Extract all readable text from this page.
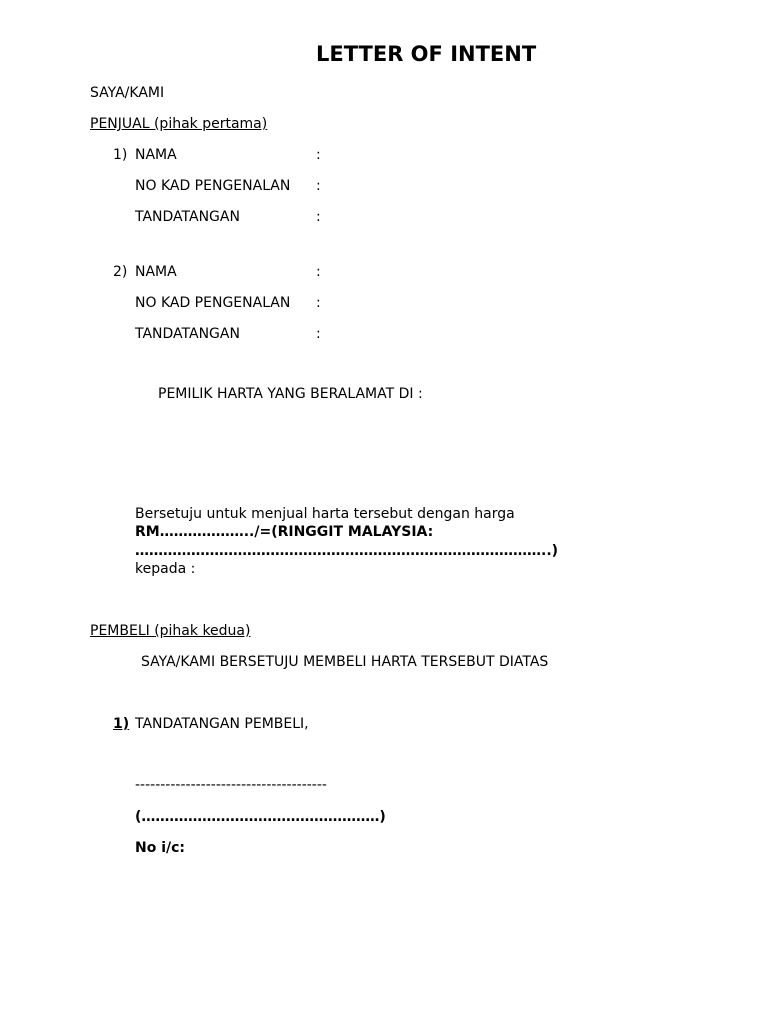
LETTER OF INTENT
SAYA/KAMI
PENJUAL (pihak pertama)
1) NAMA	:
NO KAD PENGENALAN :
TANDATANGAN	:
2) NAMA	:
NO KAD PENGENALAN :
TANDATANGAN	:
PEMILIK HARTA YANG BERALAMAT DI :
Bersetuju untuk menjual harta tersebut dengan harga
RM………………../=(RINGGIT MALAYSIA:
……………………………………………………………………………..)
kepada :
PEMBELI (pihak kedua)
SAYA/KAMI BERSETUJU MEMBELI HARTA TERSEBUT DIATAS
1) TANDATANGAN PEMBELI,
--------------------------------------
(……………………………………………)
No i/c:
